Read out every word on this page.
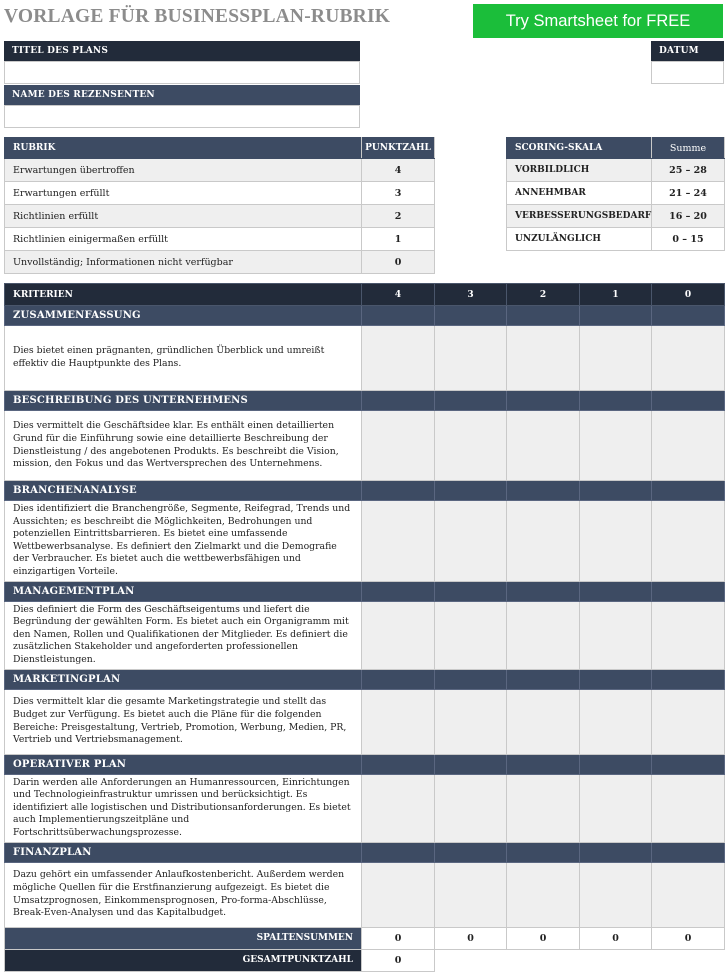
VORLAGE FÜR BUSINESSPLAN-RUBRIK	Try Smartsheet for FREE
TITEL DES PLANS	DATUM
NAME DES REZENSENTEN
RUBRIK	PUNKTZAHL
Erwartungen übertroffen	4
Erwartungen erfüllt	3
Richtlinien erfüllt	2
Richtlinien einigermaßen erfüllt	1
Unvollständig; Informationen nicht verfügbar	0
SCORING-SKALA	Summe
VORBILDLICH	25 – 28
ANNEHMBAR	21 – 24
VERBESSERUNGSBEDARF	16 – 20
UNZULÄNGLICH	0 – 15
KRITERIEN	4	3	2	1	0
ZUSAMMENFASSUNG					
Dies bietet einen prägnanten, gründlichen Überblick und umreißt effektiv die Hauptpunkte des Plans.					
BESCHREIBUNG DES UNTERNEHMENS					
Dies vermittelt die Geschäftsidee klar. Es enthält einen detaillierten Grund für die Einführung sowie eine detaillierte Beschreibung der Dienstleistung / des angebotenen Produkts. Es beschreibt die Vision, mission, den Fokus und das Wertversprechen des Unternehmens.					
BRANCHENANALYSE					
Dies identifiziert die Branchengröße, Segmente, Reifegrad, Trends und Aussichten; es beschreibt die Möglichkeiten, Bedrohungen und potenziellen Eintrittsbarrieren. Es bietet eine umfassende Wettbewerbsanalyse. Es definiert den Zielmarkt und die Demografie der Verbraucher. Es bietet auch die wettbewerbsfähigen und einzigartigen Vorteile.					
MANAGEMENTPLAN					
Dies definiert die Form des Geschäftseigentums und liefert die Begründung der gewählten Form. Es bietet auch ein Organigramm mit den Namen, Rollen und Qualifikationen der Mitglieder. Es definiert die zusätzlichen Stakeholder und angeforderten professionellen Dienstleistungen.					
MARKETINGPLAN					
Dies vermittelt klar die gesamte Marketingstrategie und stellt das Budget zur Verfügung. Es bietet auch die Pläne für die folgenden Bereiche: Preisgestaltung, Vertrieb, Promotion, Werbung, Medien, PR, Vertrieb und Vertriebsmanagement.					
OPERATIVER PLAN					
Darin werden alle Anforderungen an Humanressourcen, Einrichtungen und Technologieinfrastruktur umrissen und berücksichtigt. Es identifiziert alle logistischen und Distributionsanforderungen. Es bietet auch Implementierungszeitpläne und Fortschrittsüberwachungsprozesse.					
FINANZPLAN					
Dazu gehört ein umfassender Anlaufkostenbericht. Außerdem werden mögliche Quellen für die Erstfinanzierung aufgezeigt. Es bietet die Umsatzprognosen, Einkommensprognosen, Pro-forma-Abschlüsse, Break-Even-Analysen und das Kapitalbudget.					
SPALTENSUMMEN	0	0	0	0	0
GESAMTPUNKTZAHL	0				
